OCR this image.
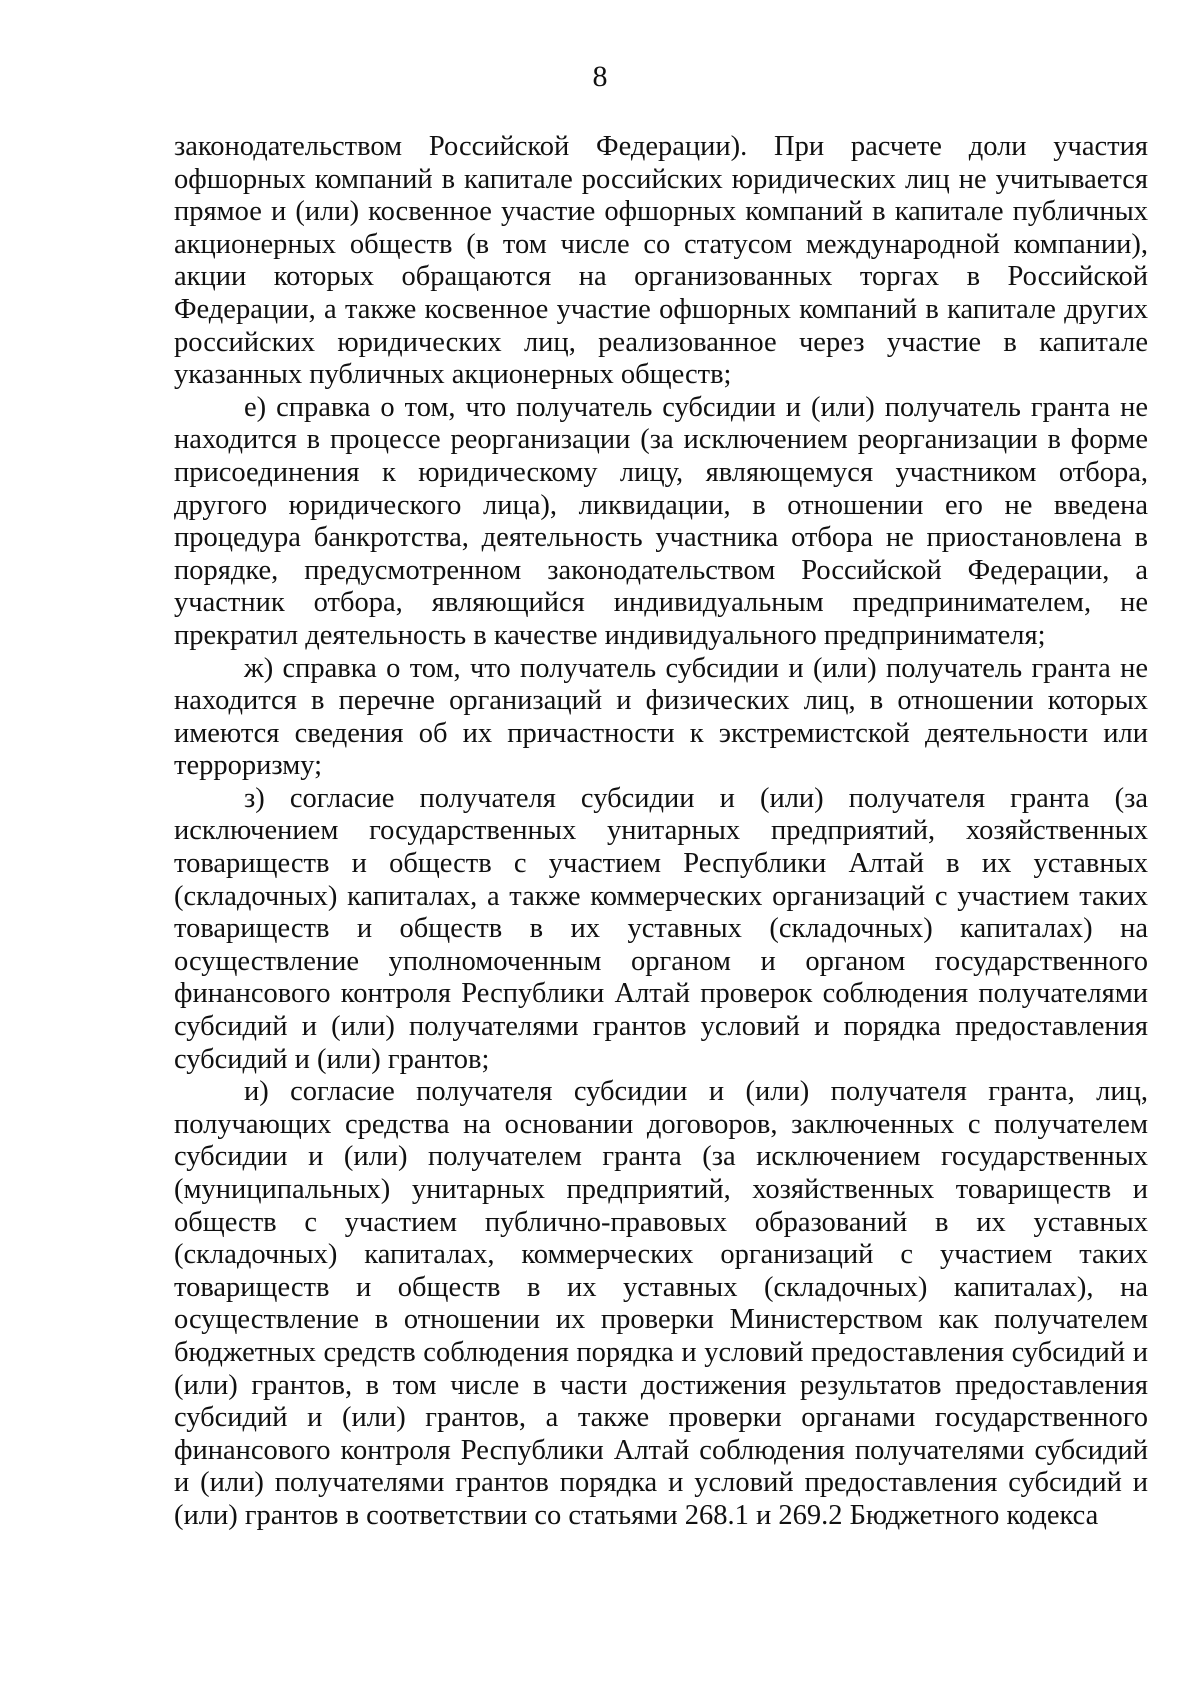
8

законодательством Российской Федерации). При расчете доли участия офшорных компаний в капитале российских юридических лиц не учитывается прямое и (или) косвенное участие офшорных компаний в капитале публичных акционерных обществ (в том числе со статусом международной компании), акции которых обращаются на организованных торгах в Российской Федерации, а также косвенное участие офшорных компаний в капитале других российских юридических лиц, реализованное через участие в капитале указанных публичных акционерных обществ;

е) справка о том, что получатель субсидии и (или) получатель гранта не находится в процессе реорганизации (за исключением реорганизации в форме присоединения к юридическому лицу, являющемуся участником отбора, другого юридического лица), ликвидации, в отношении его не введена процедура банкротства, деятельность участника отбора не приостановлена в порядке, предусмотренном законодательством Российской Федерации, а участник отбора, являющийся индивидуальным предпринимателем, не прекратил деятельность в качестве индивидуального предпринимателя;

ж) справка о том, что получатель субсидии и (или) получатель гранта не находится в перечне организаций и физических лиц, в отношении которых имеются сведения об их причастности к экстремистской деятельности или терроризму;

з) согласие получателя субсидии и (или) получателя гранта (за исключением государственных унитарных предприятий, хозяйственных товариществ и обществ с участием Республики Алтай в их уставных (складочных) капиталах, а также коммерческих организаций с участием таких товариществ и обществ в их уставных (складочных) капиталах) на осуществление уполномоченным органом и органом государственного финансового контроля Республики Алтай проверок соблюдения получателями субсидий и (или) получателями грантов условий и порядка предоставления субсидий и (или) грантов;

и) согласие получателя субсидии и (или) получателя гранта, лиц, получающих средства на основании договоров, заключенных с получателем субсидии и (или) получателем гранта (за исключением государственных (муниципальных) унитарных предприятий, хозяйственных товариществ и обществ с участием публично-правовых образований в их уставных (складочных) капиталах, коммерческих организаций с участием таких товариществ и обществ в их уставных (складочных) капиталах), на осуществление в отношении их проверки Министерством как получателем бюджетных средств соблюдения порядка и условий предоставления субсидий и (или) грантов, в том числе в части достижения результатов предоставления субсидий и (или) грантов, а также проверки органами государственного финансового контроля Республики Алтай соблюдения получателями субсидий и (или) получателями грантов порядка и условий предоставления субсидий и (или) грантов в соответствии со статьями 268.1 и 269.2 Бюджетного кодекса
